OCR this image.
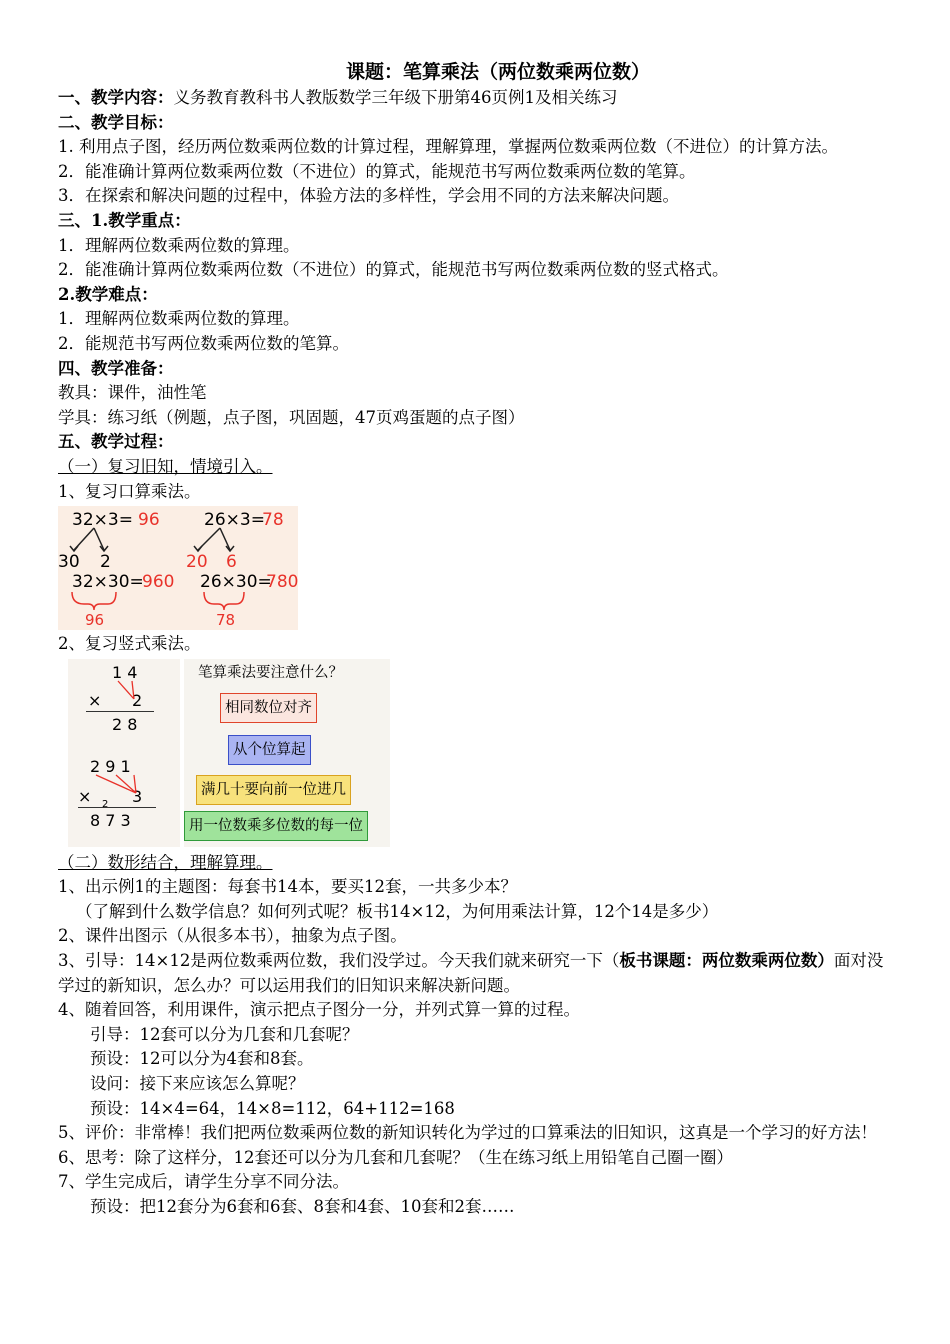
课题：笔算乘法（两位数乘两位数）
一、教学内容：义务教育教科书人教版数学三年级下册第46页例1及相关练习
二、教学目标：
1. 利用点子图，经历两位数乘两位数的计算过程，理解算理，掌握两位数乘两位数（不进位）的计算方法。
2．能准确计算两位数乘两位数（不进位）的算式，能规范书写两位数乘两位数的笔算。
3．在探索和解决问题的过程中，体验方法的多样性，学会用不同的方法来解决问题。
三、1.教学重点：
1．理解两位数乘两位数的算理。
2．能准确计算两位数乘两位数（不进位）的算式，能规范书写两位数乘两位数的竖式格式。
2.教学难点：
1．理解两位数乘两位数的算理。
2．能规范书写两位数乘两位数的笔算。
四、教学准备：
教具：课件，油性笔
学具：练习纸（例题，点子图，巩固题，47页鸡蛋题的点子图）
五、教学过程：
（一）复习旧知，情境引入。
1、复习口算乘法。
32×3= 96
30 2
32×30=
960
96
26×3=
78
20 6
26×30=
780
78
2、复习竖式乘法。
1 4
× 2
2 8
2 9 1
× 2 3
8 7 3
笔算乘法要注意什么？
相同数位对齐
从个位算起
满几十要向前一位进几
用一位数乘多位数的每一位
（二）数形结合，理解算理。
1、出示例1的主题图：每套书14本，要买12套，一共多少本？
（了解到什么数学信息？如何列式呢？板书14×12，为何用乘法计算，12个14是多少）
2、课件出图示（从很多本书），抽象为点子图。
3、引导：14×12是两位数乘两位数，我们没学过。今天我们就来研究一下（板书课题：两位数乘两位数）面对没学过的新知识，怎么办？可以运用我们的旧知识来解决新问题。
4、随着回答，利用课件，演示把点子图分一分，并列式算一算的过程。
引导：12套可以分为几套和几套呢？
预设：12可以分为4套和8套。
设问：接下来应该怎么算呢？
预设：14×4=64，14×8=112，64+112=168
5、评价：非常棒！我们把两位数乘两位数的新知识转化为学过的口算乘法的旧知识，这真是一个学习的好方法！
6、思考：除了这样分，12套还可以分为几套和几套呢？（生在练习纸上用铅笔自己圈一圈）
7、学生完成后，请学生分享不同分法。
预设：把12套分为6套和6套、8套和4套、10套和2套……
